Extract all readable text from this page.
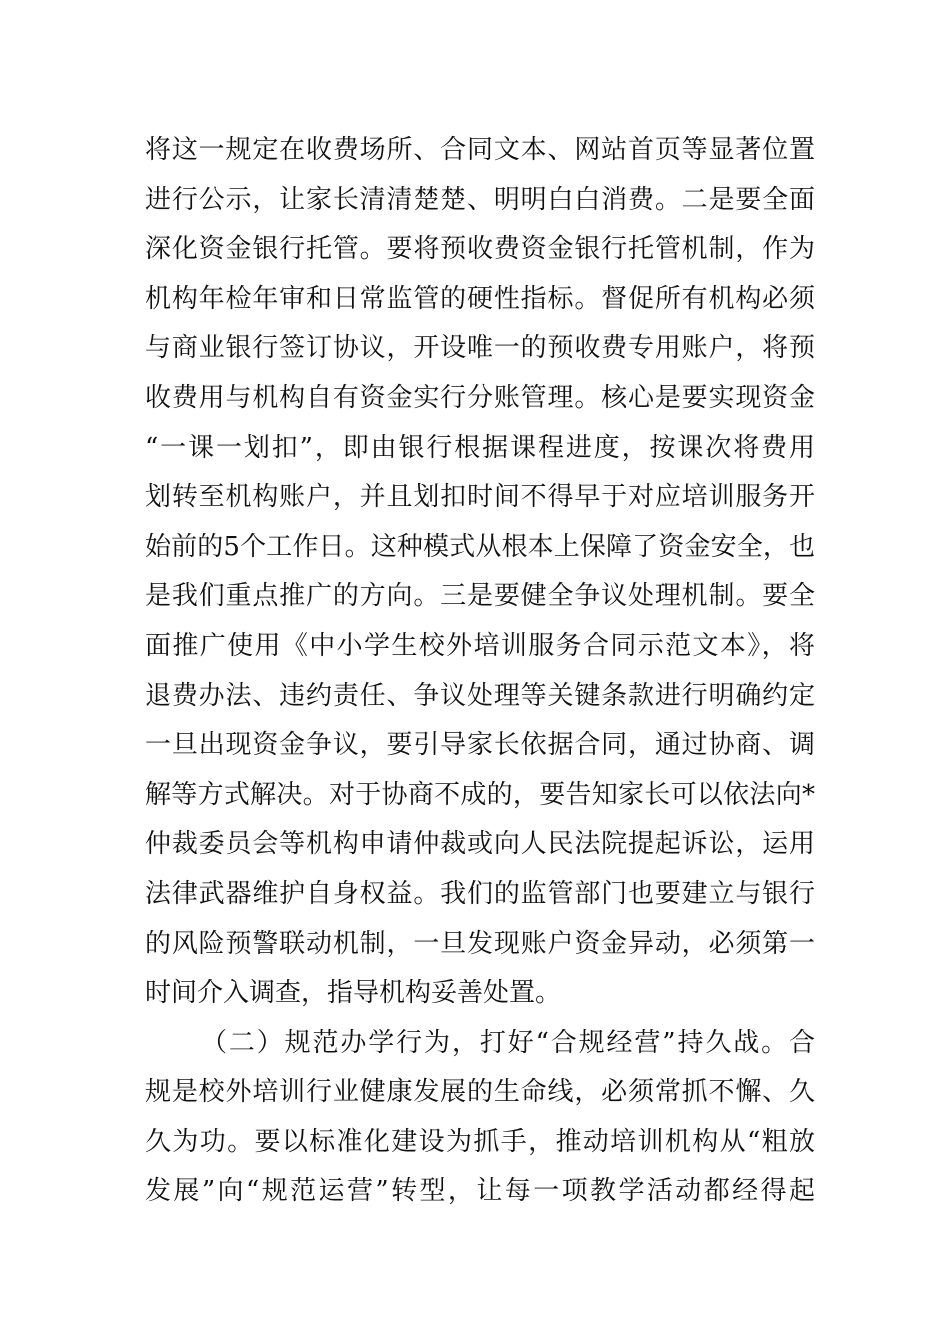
将这一规定在收费场所、合同文本、网站首页等显著位置
进行公示，让家长清清楚楚、明明白白消费。二是要全面
深化资金银行托管。要将预收费资金银行托管机制，作为
机构年检年审和日常监管的硬性指标。督促所有机构必须
与商业银行签订协议，开设唯一的预收费专用账户，将预
收费用与机构自有资金实行分账管理。核心是要实现资金
“一课一划扣”，即由银行根据课程进度，按课次将费用
划转至机构账户，并且划扣时间不得早于对应培训服务开
始前的5个工作日。这种模式从根本上保障了资金安全，也
是我们重点推广的方向。三是要健全争议处理机制。要全
面推广使用《中小学生校外培训服务合同示范文本》，将
退费办法、违约责任、争议处理等关键条款进行明确约定
一旦出现资金争议，要引导家长依据合同，通过协商、调
解等方式解决。对于协商不成的，要告知家长可以依法向*
仲裁委员会等机构申请仲裁或向人民法院提起诉讼，运用
法律武器维护自身权益。我们的监管部门也要建立与银行
的风险预警联动机制，一旦发现账户资金异动，必须第一
时间介入调查，指导机构妥善处置。
（二）规范办学行为，打好“合规经营”持久战。合
规是校外培训行业健康发展的生命线，必须常抓不懈、久
久为功。要以标准化建设为抓手，推动培训机构从“粗放
发展”向“规范运营”转型，让每一项教学活动都经得起
